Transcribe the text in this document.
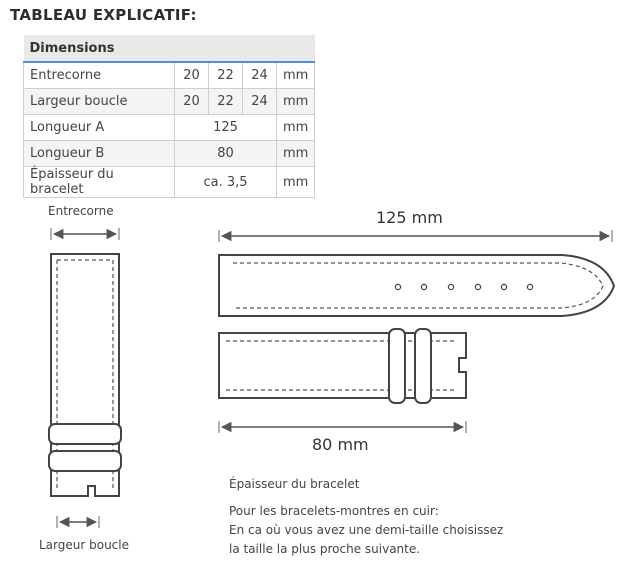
TABLEAU EXPLICATIF:
Dimensions				
Entrecorne	20	22	24	mm
Largeur boucle	20	22	24	mm
Longueur A	125			mm
Longueur B	80			mm
Épaisseur du bracelet	ca. 3,5			mm
Entrecorne
Largeur boucle
125 mm
80 mm
Épaisseur du bracelet
Pour les bracelets-montres en cuir:
En ca où vous avez une demi-taille choisissez
la taille la plus proche suivante.
